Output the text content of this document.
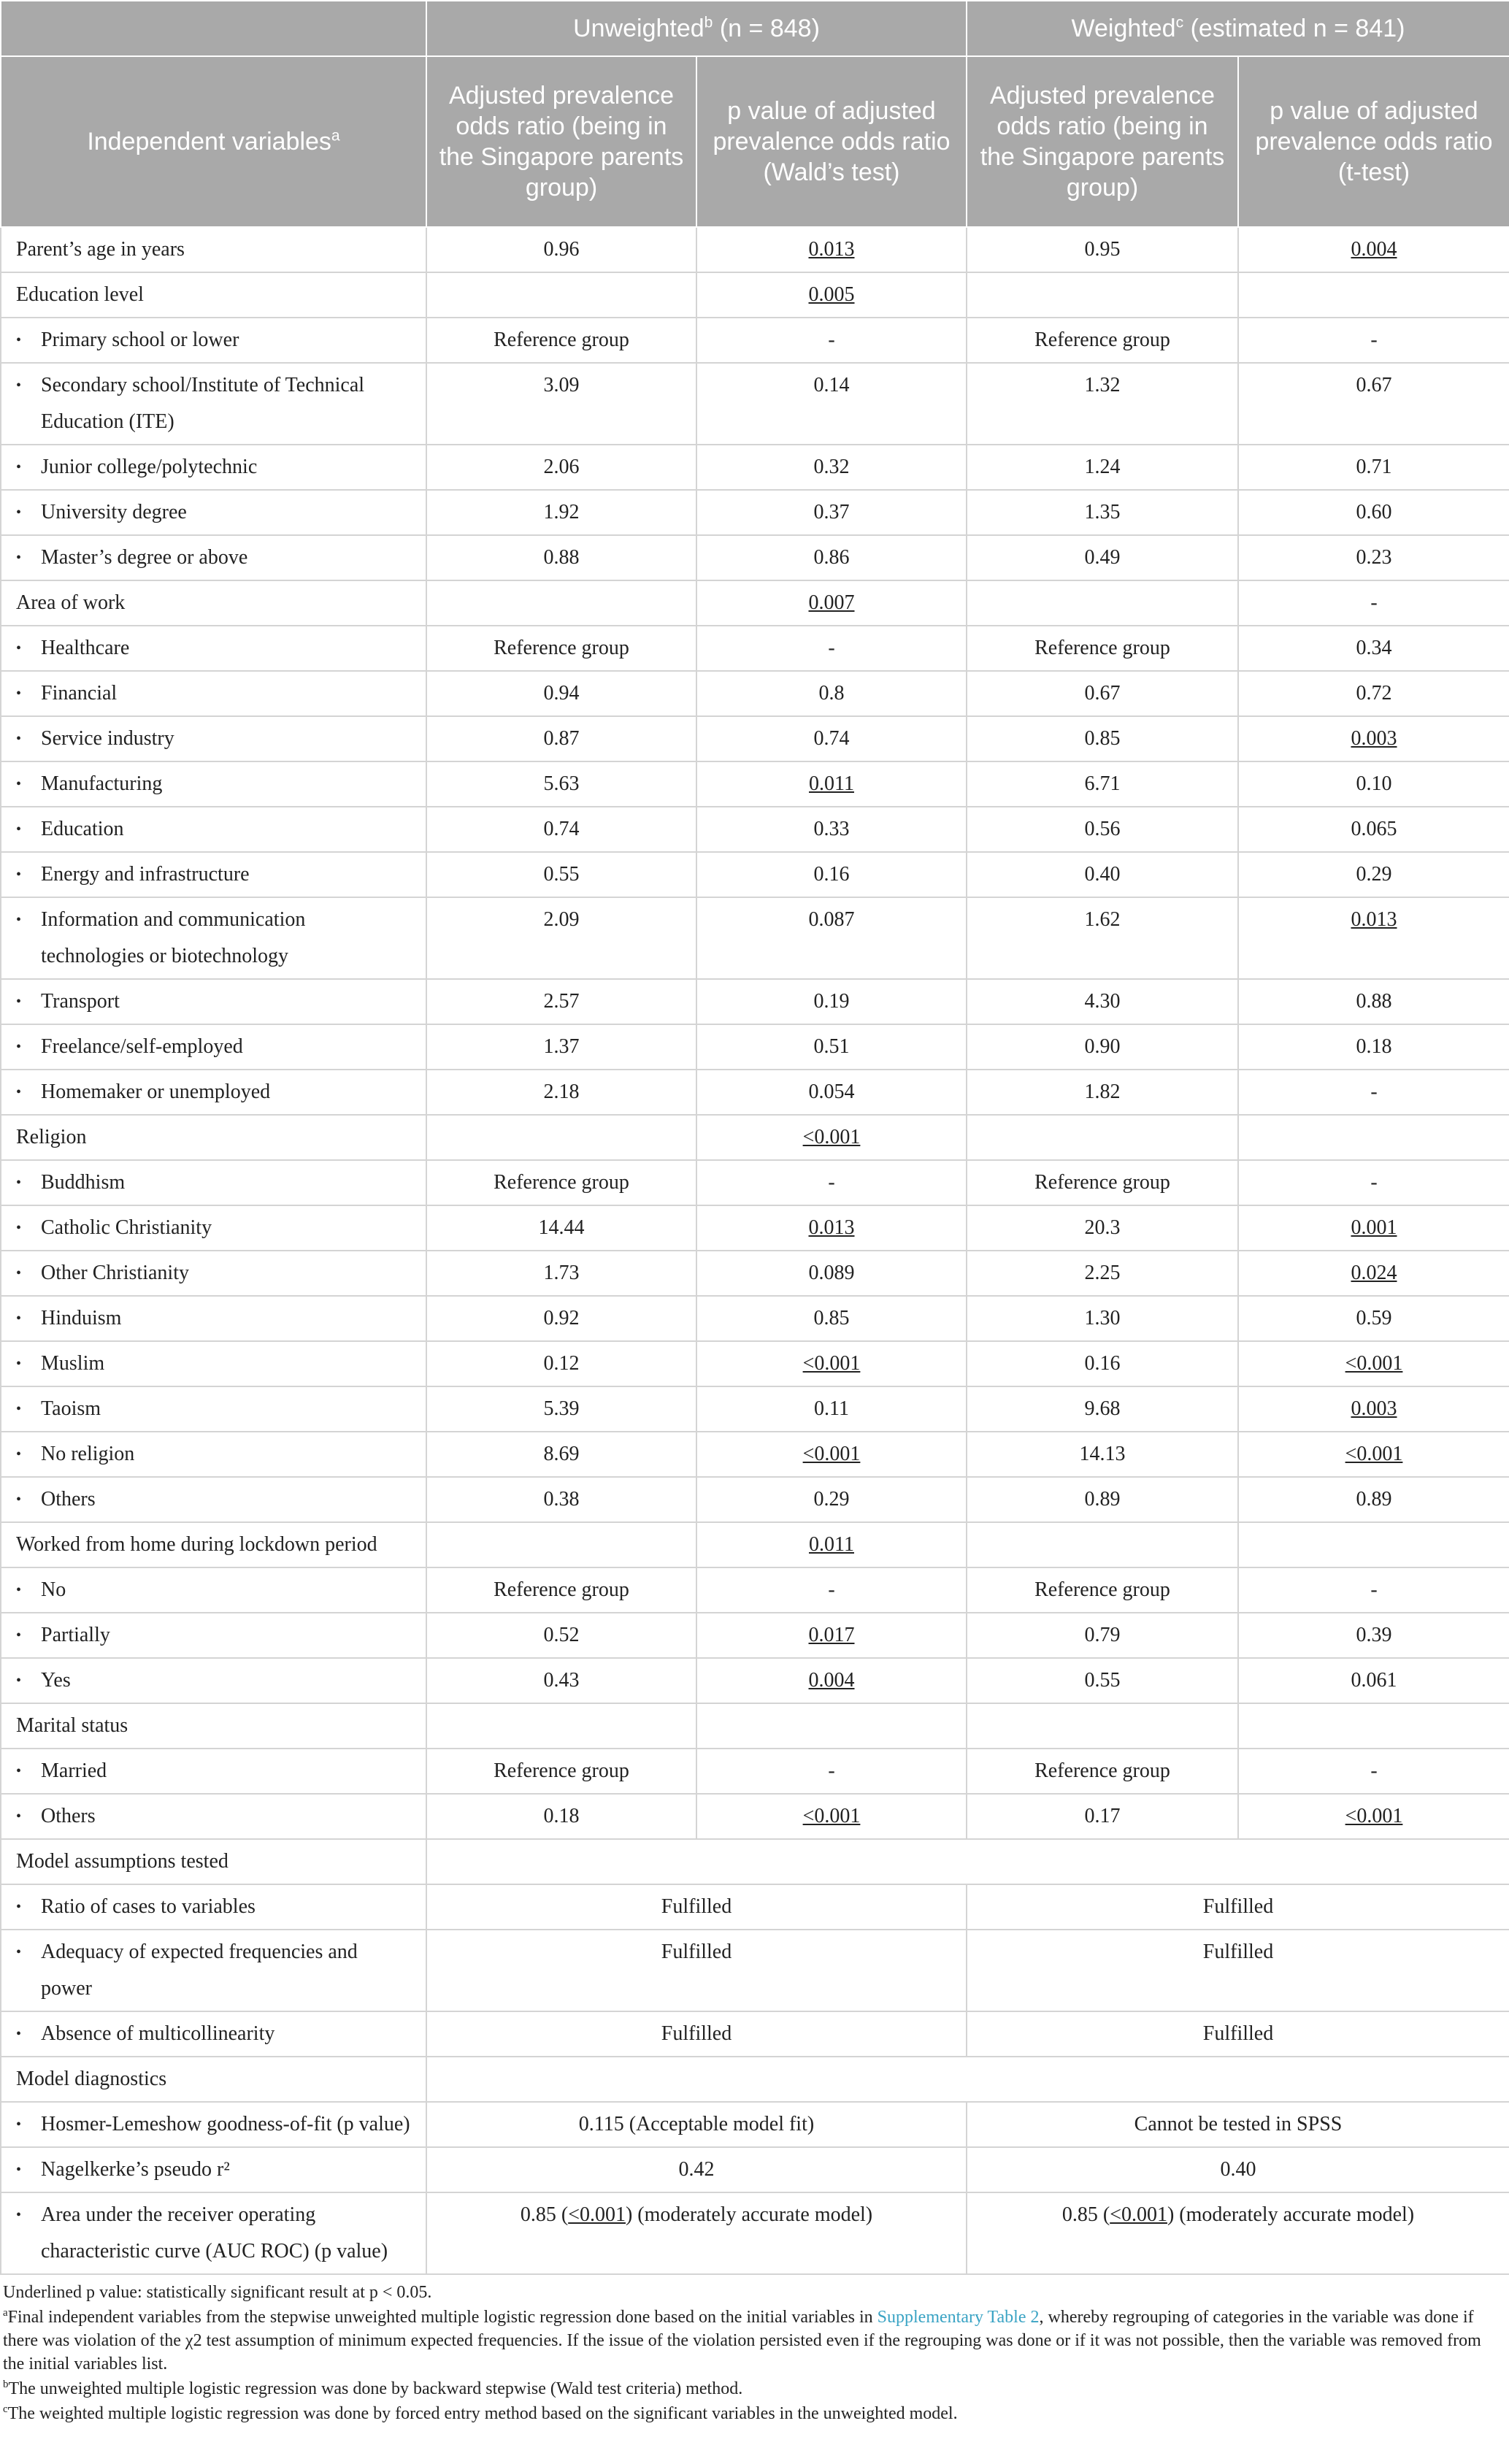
	Unweighted$^b$ (n = 848)		Weighted$^c$ (estimated n = 841)	
Independent variables$^a$	Adjusted prevalence odds ratio (being in the Singapore parents group)	p value of adjusted prevalence odds ratio (Wald’s test)	Adjusted prevalence odds ratio (being in the Singapore parents group)	p value of adjusted prevalence odds ratio (t-test)
Parent’s age in years	0.96	0.013	0.95	0.004
Education level		0.005		

• Primary school or lower	Reference group	-	Reference group	-

• Secondary school/Institute of Technical Education (ITE)	3.09	0.14	1.32	0.67

• Junior college/polytechnic	2.06	0.32	1.24	0.71

• University degree	1.92	0.37	1.35	0.60

• Master’s degree or above	0.88	0.86	0.49	0.23
Area of work		0.007		-

• Healthcare	Reference group	-	Reference group	0.34

• Financial	0.94	0.8	0.67	0.72

• Service industry	0.87	0.74	0.85	0.003

• Manufacturing	5.63	0.011	6.71	0.10

• Education	0.74	0.33	0.56	0.065

• Energy and infrastructure	0.55	0.16	0.40	0.29

• Information and communication technologies or biotechnology	2.09	0.087	1.62	0.013

• Transport	2.57	0.19	4.30	0.88

• Freelance/self-employed	1.37	0.51	0.90	0.18

• Homemaker or unemployed	2.18	0.054	1.82	-
Religion		<0.001		

• Buddhism	Reference group	-	Reference group	-

• Catholic Christianity	14.44	0.013	20.3	0.001

• Other Christianity	1.73	0.089	2.25	0.024

• Hinduism	0.92	0.85	1.30	0.59

• Muslim	0.12	<0.001	0.16	<0.001

• Taoism	5.39	0.11	9.68	0.003

• No religion	8.69	<0.001	14.13	<0.001

• Others	0.38	0.29	0.89	0.89
Worked from home during lockdown period		0.011		

• No	Reference group	-	Reference group	-

• Partially	0.52	0.017	0.79	0.39

• Yes	0.43	0.004	0.55	0.061
Marital status				

• Married	Reference group	-	Reference group	-

• Others	0.18	<0.001	0.17	<0.001
Model assumptions tested				

• Ratio of cases to variables	Fulfilled		Fulfilled	

• Adequacy of expected frequencies and power	Fulfilled		Fulfilled	

• Absence of multicollinearity	Fulfilled		Fulfilled	
Model diagnostics				

• Hosmer-Lemeshow goodness-of-fit (p value)	0.115 (Acceptable model fit)		Cannot be tested in SPSS	

• Nagelkerke’s pseudo r²	0.42		0.40	

• Area under the receiver operating characteristic curve (AUC ROC) (p value)	0.85 (<0.001) (moderately accurate model)		0.85 (<0.001) (moderately accurate model)	

Underlined p value: statistically significant result at p < 0.05.

$^a$Final independent variables from the stepwise unweighted multiple logistic regression done based on the initial variables in Supplementary Table 2, whereby regrouping of categories in the variable was done if there was violation of the χ2 test assumption of minimum expected frequencies. If the issue of the violation persisted even if the regrouping was done or if it was not possible, then the variable was removed from the initial variables list.

$^b$The unweighted multiple logistic regression was done by backward stepwise (Wald test criteria) method.

$^c$The weighted multiple logistic regression was done by forced entry method based on the significant variables in the unweighted model.
